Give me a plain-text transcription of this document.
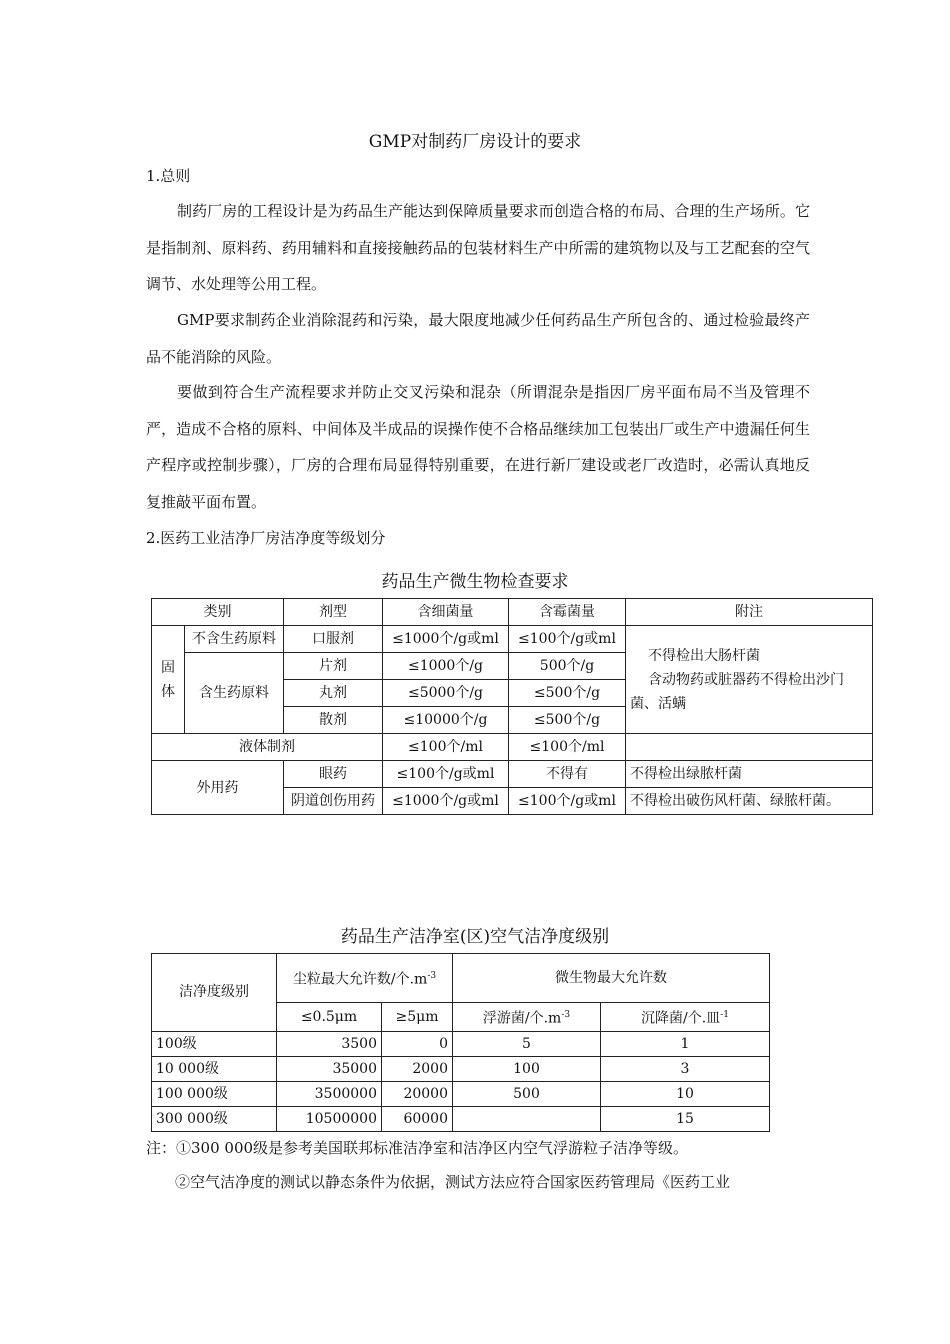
GMP对制药厂房设计的要求
1.总则

制药厂房的工程设计是为药品生产能达到保障质量要求而创造合格的布局、合理的生产场所。它是指制剂、原料药、药用辅料和直接接触药品的包装材料生产中所需的建筑物以及与工艺配套的空气调节、水处理等公用工程。

GMP要求制药企业消除混药和污染，最大限度地减少任何药品生产所包含的、通过检验最终产品不能消除的风险。

要做到符合生产流程要求并防止交叉污染和混杂（所谓混杂是指因厂房平面布局不当及管理不严，造成不合格的原料、中间体及半成品的误操作使不合格品继续加工包装出厂或生产中遗漏任何生产程序或控制步骤），厂房的合理布局显得特别重要，在进行新厂建设或老厂改造时，必需认真地反复推敲平面布置。

2.医药工业洁净厂房洁净度等级划分
药品生产微生物检查要求
类别		剂型	含细菌量	含霉菌量	附注
固体	不含生药原料	口服剂	≤1000个/g或ml	≤100个/g或ml	不得检出大肠杆菌
含动物药或脏器药不得检出沙门菌、活螨

	含生药原料	片剂	≤1000个/g	500个/g	
		丸剂	≤5000个/g	≤500个/g	
		散剂	≤10000个/g	≤500个/g	
液体制剂			≤100个/ml	≤100个/ml	
外用药		眼药	≤100个/g或ml	不得有	不得检出绿脓杆菌
		阴道创伤用药	≤1000个/g或ml	≤100个/g或ml	不得检出破伤风杆菌、绿脓杆菌。
药品生产洁净室(区)空气洁净度级别
洁净度级别	尘粒最大允许数/个$.m^{-3}$		微生物最大允许数	
	≤0.5μm	≥5μm	浮游菌/个$.m^{-3}$	沉降菌/个.皿$^{-1}$
100级	3500	0	5	1
10 000级	35000	2000	100	3
100 000级	3500000	20000	500	10
300 000级	10500000	60000		15
注：①300 000级是参考美国联邦标准洁净室和洁净区内空气浮游粒子洁净等级。
②空气洁净度的测试以静态条件为依据，测试方法应符合国家医药管理局《医药工业
